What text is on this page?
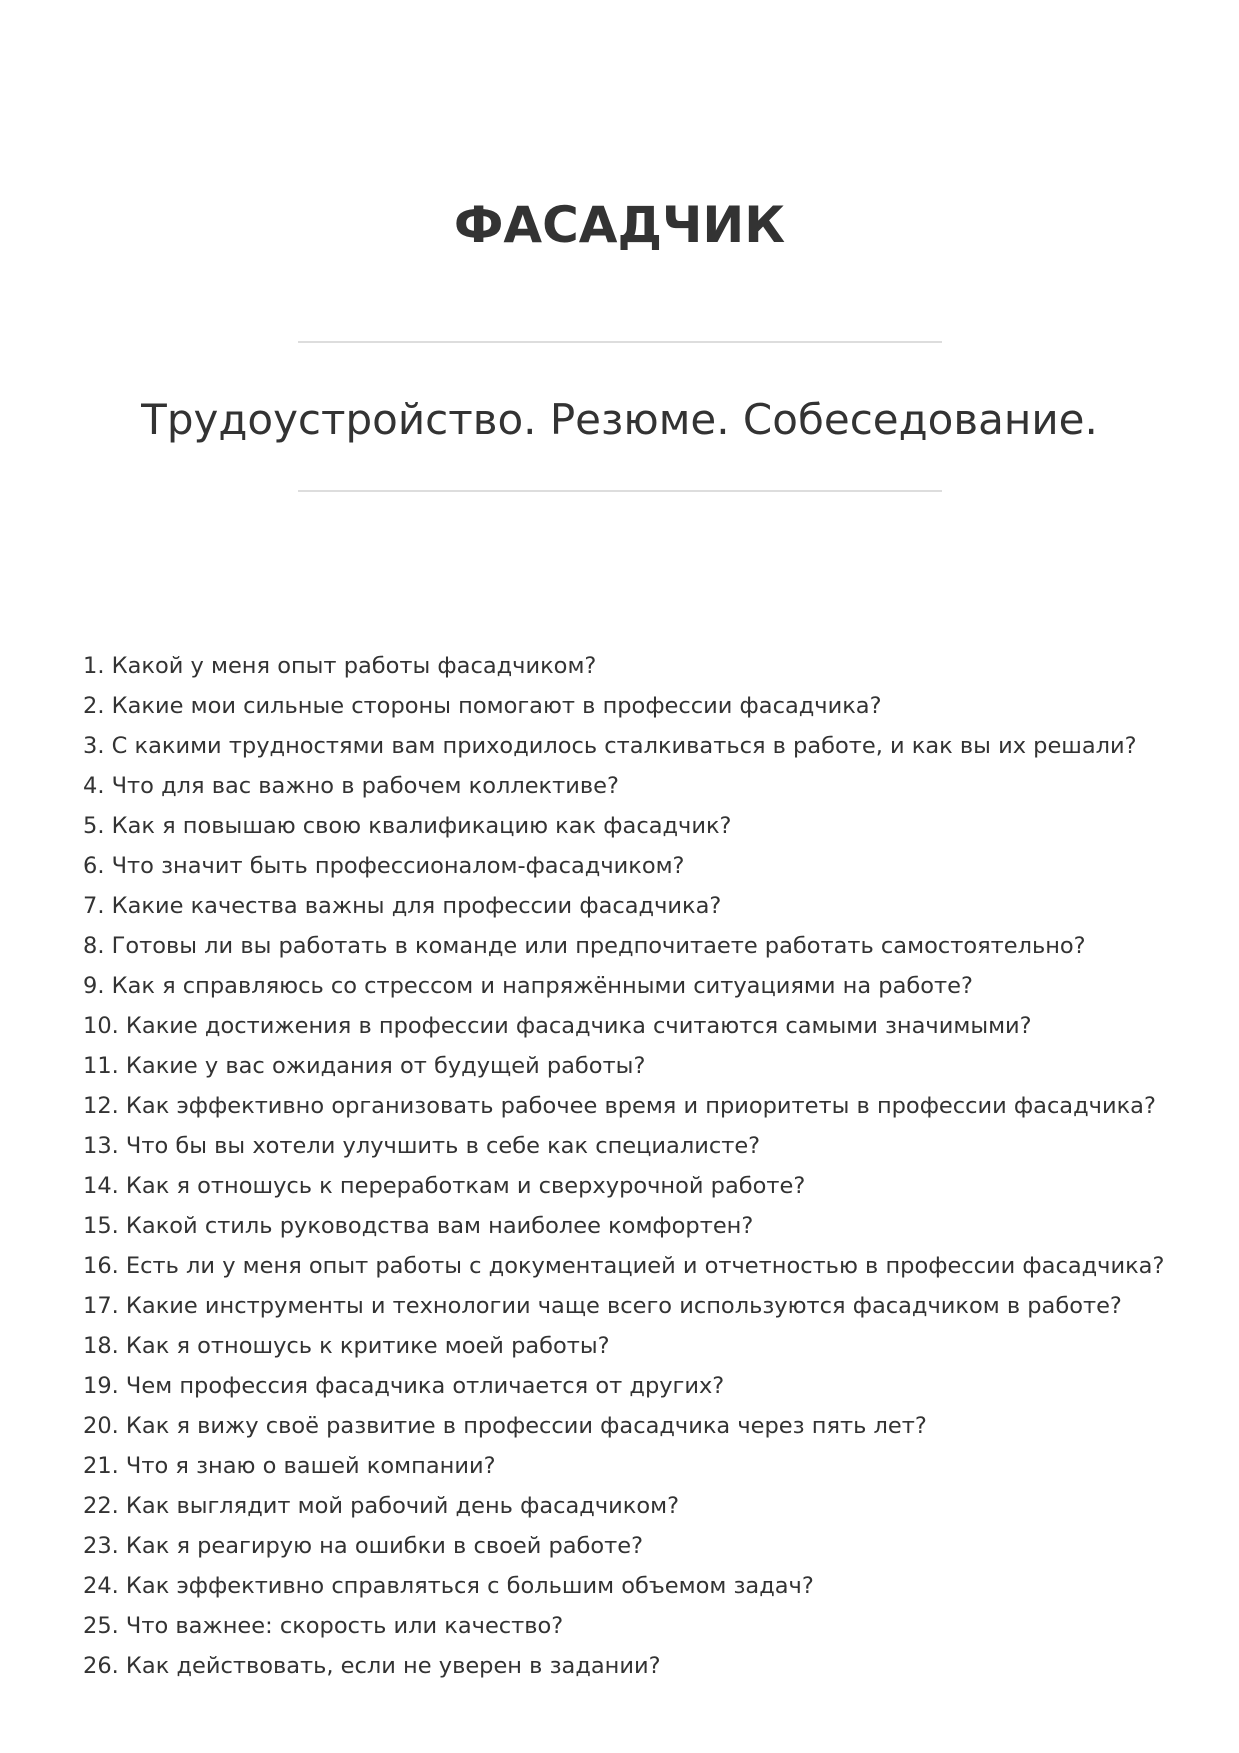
ФАСАДЧИК
Трудоустройство. Резюме. Собеседование.
1. Какой у меня опыт работы фасадчиком?
2. Какие мои сильные стороны помогают в профессии фасадчика?
3. С какими трудностями вам приходилось сталкиваться в работе, и как вы их решали?
4. Что для вас важно в рабочем коллективе?
5. Как я повышаю свою квалификацию как фасадчик?
6. Что значит быть профессионалом-фасадчиком?
7. Какие качества важны для профессии фасадчика?
8. Готовы ли вы работать в команде или предпочитаете работать самостоятельно?
9. Как я справляюсь со стрессом и напряжёнными ситуациями на работе?
10. Какие достижения в профессии фасадчика считаются самыми значимыми?
11. Какие у вас ожидания от будущей работы?
12. Как эффективно организовать рабочее время и приоритеты в профессии фасадчика?
13. Что бы вы хотели улучшить в себе как специалисте?
14. Как я отношусь к переработкам и сверхурочной работе?
15. Какой стиль руководства вам наиболее комфортен?
16. Есть ли у меня опыт работы с документацией и отчетностью в профессии фасадчика?
17. Какие инструменты и технологии чаще всего используются фасадчиком в работе?
18. Как я отношусь к критике моей работы?
19. Чем профессия фасадчика отличается от других?
20. Как я вижу своё развитие в профессии фасадчика через пять лет?
21. Что я знаю о вашей компании?
22. Как выглядит мой рабочий день фасадчиком?
23. Как я реагирую на ошибки в своей работе?
24. Как эффективно справляться с большим объемом задач?
25. Что важнее: скорость или качество?
26. Как действовать, если не уверен в задании?
